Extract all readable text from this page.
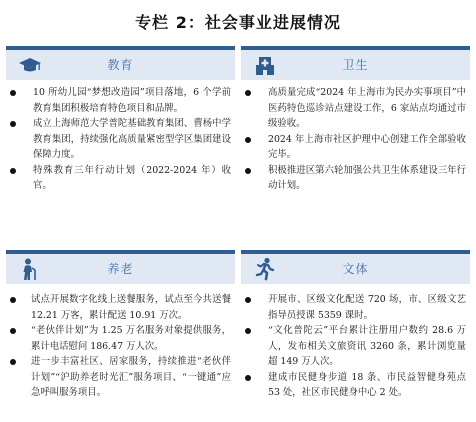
专栏 2：社会事业进展情况
教育
10 所幼儿园“梦想改造园”项目落地，6 个学前教育集团积极培育特色项目和品牌。
成立上海师范大学普陀基础教育集团、曹杨中学教育集团，持续强化高质量紧密型学区集团建设保障力度。
特殊教育三年行动计划（2022-2024 年）收官。
卫生
高质量完成“2024 年上海市为民办实事项目”中医药特色巡诊站点建设工作，6 家站点均通过市级验收。
2024 年上海市社区护理中心创建工作全部验收完毕。
积极推进区第六轮加强公共卫生体系建设三年行动计划。
养老
试点开展数字化线上送餐服务，试点至今共送餐 12.21 万客，累计配送 10.91 万次。
“老伙伴计划”为 1.25 万名服务对象提供服务，累计电话慰问 186.47 万人次。
进一步丰富社区、居家服务，持续推进“老伙伴计划”“沪助养老时光汇”服务项目、“一键通”应急呼叫服务项目。
文体
开展市、区级文化配送 720 场，市、区级文艺指导员授课 5359 课时。
“文化普陀云”平台累计注册用户数约 28.6 万人，发布相关文旅资讯 3260 条，累计浏览量超 149 万人次。
建成市民健身步道 18 条、市民益智健身苑点 53 处，社区市民健身中心 2 处。
